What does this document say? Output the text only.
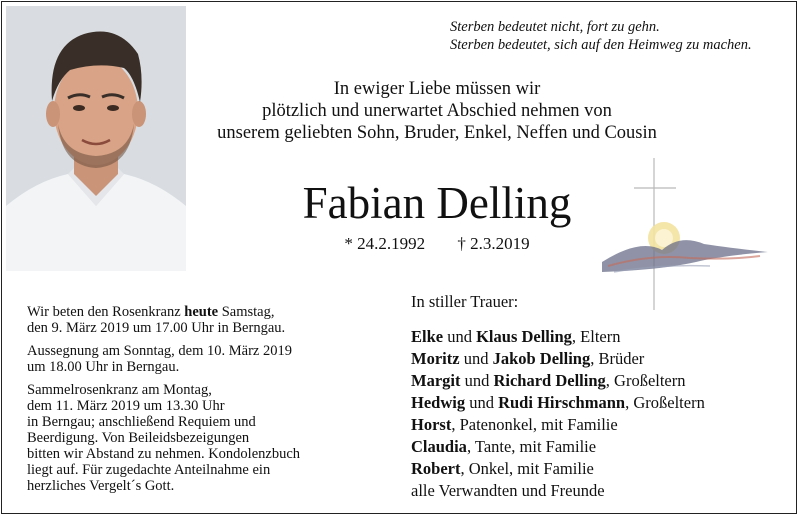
Sterben bedeutet nicht, fort zu gehn.
Sterben bedeutet, sich auf den Heimweg zu machen.
In ewiger Liebe müssen wir
plötzlich und unerwartet Abschied nehmen von
unserem geliebten Sohn, Bruder, Enkel, Neffen und Cousin
Fabian Delling
* 24.2.1992 † 2.3.2019

Wir beten den Rosenkranz heute Samstag,
den 9. März 2019 um 17.00 Uhr in Berngau.

Aussegnung am Sonntag, dem 10. März 2019
um 18.00 Uhr in Berngau.

Sammelrosenkranz am Montag,
dem 11. März 2019 um 13.30 Uhr
in Berngau; anschließend Requiem und
Beerdigung. Von Beileidsbezeigungen
bitten wir Abstand zu nehmen. Kondolenzbuch
liegt auf. Für zugedachte Anteilnahme ein
herzliches Vergelt´s Gott.

In stiller Trauer:
Elke und Klaus Delling, Eltern
Moritz und Jakob Delling, Brüder
Margit und Richard Delling, Großeltern
Hedwig und Rudi Hirschmann, Großeltern
Horst, Patenonkel, mit Familie
Claudia, Tante, mit Familie
Robert, Onkel, mit Familie
alle Verwandten und Freunde
